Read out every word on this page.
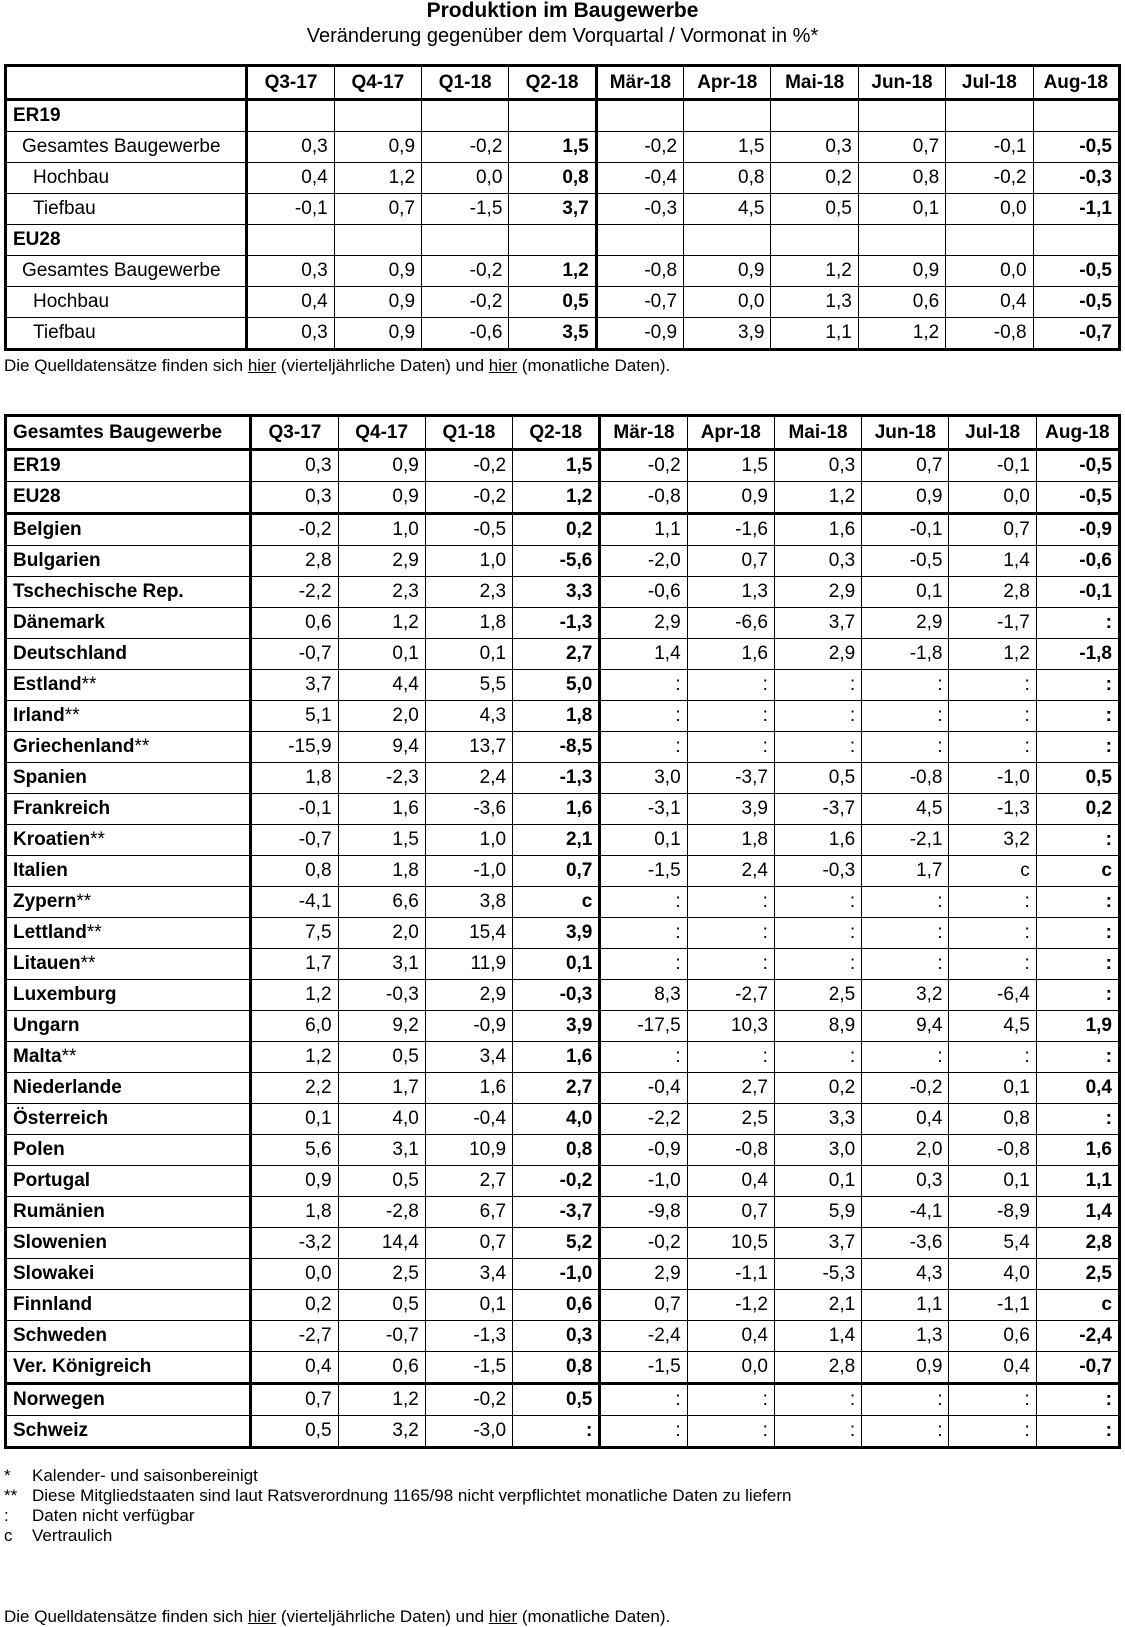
Produktion im Baugewerbe
Veränderung gegenüber dem Vorquartal / Vormonat in %*
	Q3-17	Q4-17	Q1-18	Q2-18	Mär-18	Apr-18	Mai-18	Jun-18	Jul-18	Aug-18
ER19										
Gesamtes Baugewerbe	0,3	0,9	-0,2	1,5	-0,2	1,5	0,3	0,7	-0,1	-0,5
Hochbau	0,4	1,2	0,0	0,8	-0,4	0,8	0,2	0,8	-0,2	-0,3
Tiefbau	-0,1	0,7	-1,5	3,7	-0,3	4,5	0,5	0,1	0,0	-1,1
EU28										
Gesamtes Baugewerbe	0,3	0,9	-0,2	1,2	-0,8	0,9	1,2	0,9	0,0	-0,5
Hochbau	0,4	0,9	-0,2	0,5	-0,7	0,0	1,3	0,6	0,4	-0,5
Tiefbau	0,3	0,9	-0,6	3,5	-0,9	3,9	1,1	1,2	-0,8	-0,7
Die Quelldatensätze finden sich hier (vierteljährliche Daten) und hier (monatliche Daten).
Gesamtes Baugewerbe	Q3-17	Q4-17	Q1-18	Q2-18	Mär-18	Apr-18	Mai-18	Jun-18	Jul-18	Aug-18
ER19	0,3	0,9	-0,2	1,5	-0,2	1,5	0,3	0,7	-0,1	-0,5
EU28	0,3	0,9	-0,2	1,2	-0,8	0,9	1,2	0,9	0,0	-0,5
Belgien	-0,2	1,0	-0,5	0,2	1,1	-1,6	1,6	-0,1	0,7	-0,9
Bulgarien	2,8	2,9	1,0	-5,6	-2,0	0,7	0,3	-0,5	1,4	-0,6
Tschechische Rep.	-2,2	2,3	2,3	3,3	-0,6	1,3	2,9	0,1	2,8	-0,1
Dänemark	0,6	1,2	1,8	-1,3	2,9	-6,6	3,7	2,9	-1,7	:
Deutschland	-0,7	0,1	0,1	2,7	1,4	1,6	2,9	-1,8	1,2	-1,8
Estland**	3,7	4,4	5,5	5,0	:	:	:	:	:	:
Irland**	5,1	2,0	4,3	1,8	:	:	:	:	:	:
Griechenland**	-15,9	9,4	13,7	-8,5	:	:	:	:	:	:
Spanien	1,8	-2,3	2,4	-1,3	3,0	-3,7	0,5	-0,8	-1,0	0,5
Frankreich	-0,1	1,6	-3,6	1,6	-3,1	3,9	-3,7	4,5	-1,3	0,2
Kroatien**	-0,7	1,5	1,0	2,1	0,1	1,8	1,6	-2,1	3,2	:
Italien	0,8	1,8	-1,0	0,7	-1,5	2,4	-0,3	1,7	c	c
Zypern**	-4,1	6,6	3,8	c	:	:	:	:	:	:
Lettland**	7,5	2,0	15,4	3,9	:	:	:	:	:	:
Litauen**	1,7	3,1	11,9	0,1	:	:	:	:	:	:
Luxemburg	1,2	-0,3	2,9	-0,3	8,3	-2,7	2,5	3,2	-6,4	:
Ungarn	6,0	9,2	-0,9	3,9	-17,5	10,3	8,9	9,4	4,5	1,9
Malta**	1,2	0,5	3,4	1,6	:	:	:	:	:	:
Niederlande	2,2	1,7	1,6	2,7	-0,4	2,7	0,2	-0,2	0,1	0,4
Österreich	0,1	4,0	-0,4	4,0	-2,2	2,5	3,3	0,4	0,8	:
Polen	5,6	3,1	10,9	0,8	-0,9	-0,8	3,0	2,0	-0,8	1,6
Portugal	0,9	0,5	2,7	-0,2	-1,0	0,4	0,1	0,3	0,1	1,1
Rumänien	1,8	-2,8	6,7	-3,7	-9,8	0,7	5,9	-4,1	-8,9	1,4
Slowenien	-3,2	14,4	0,7	5,2	-0,2	10,5	3,7	-3,6	5,4	2,8
Slowakei	0,0	2,5	3,4	-1,0	2,9	-1,1	-5,3	4,3	4,0	2,5
Finnland	0,2	0,5	0,1	0,6	0,7	-1,2	2,1	1,1	-1,1	c
Schweden	-2,7	-0,7	-1,3	0,3	-2,4	0,4	1,4	1,3	0,6	-2,4
Ver. Königreich	0,4	0,6	-1,5	0,8	-1,5	0,0	2,8	0,9	0,4	-0,7
Norwegen	0,7	1,2	-0,2	0,5	:	:	:	:	:	:
Schweiz	0,5	3,2	-3,0	:	:	:	:	:	:	:
* Kalender- und saisonbereinigt
** Diese Mitgliedstaaten sind laut Ratsverordnung 1165/98 nicht verpflichtet monatliche Daten zu liefern
: Daten nicht verfügbar
c Vertraulich
Die Quelldatensätze finden sich hier (vierteljährliche Daten) und hier (monatliche Daten).
